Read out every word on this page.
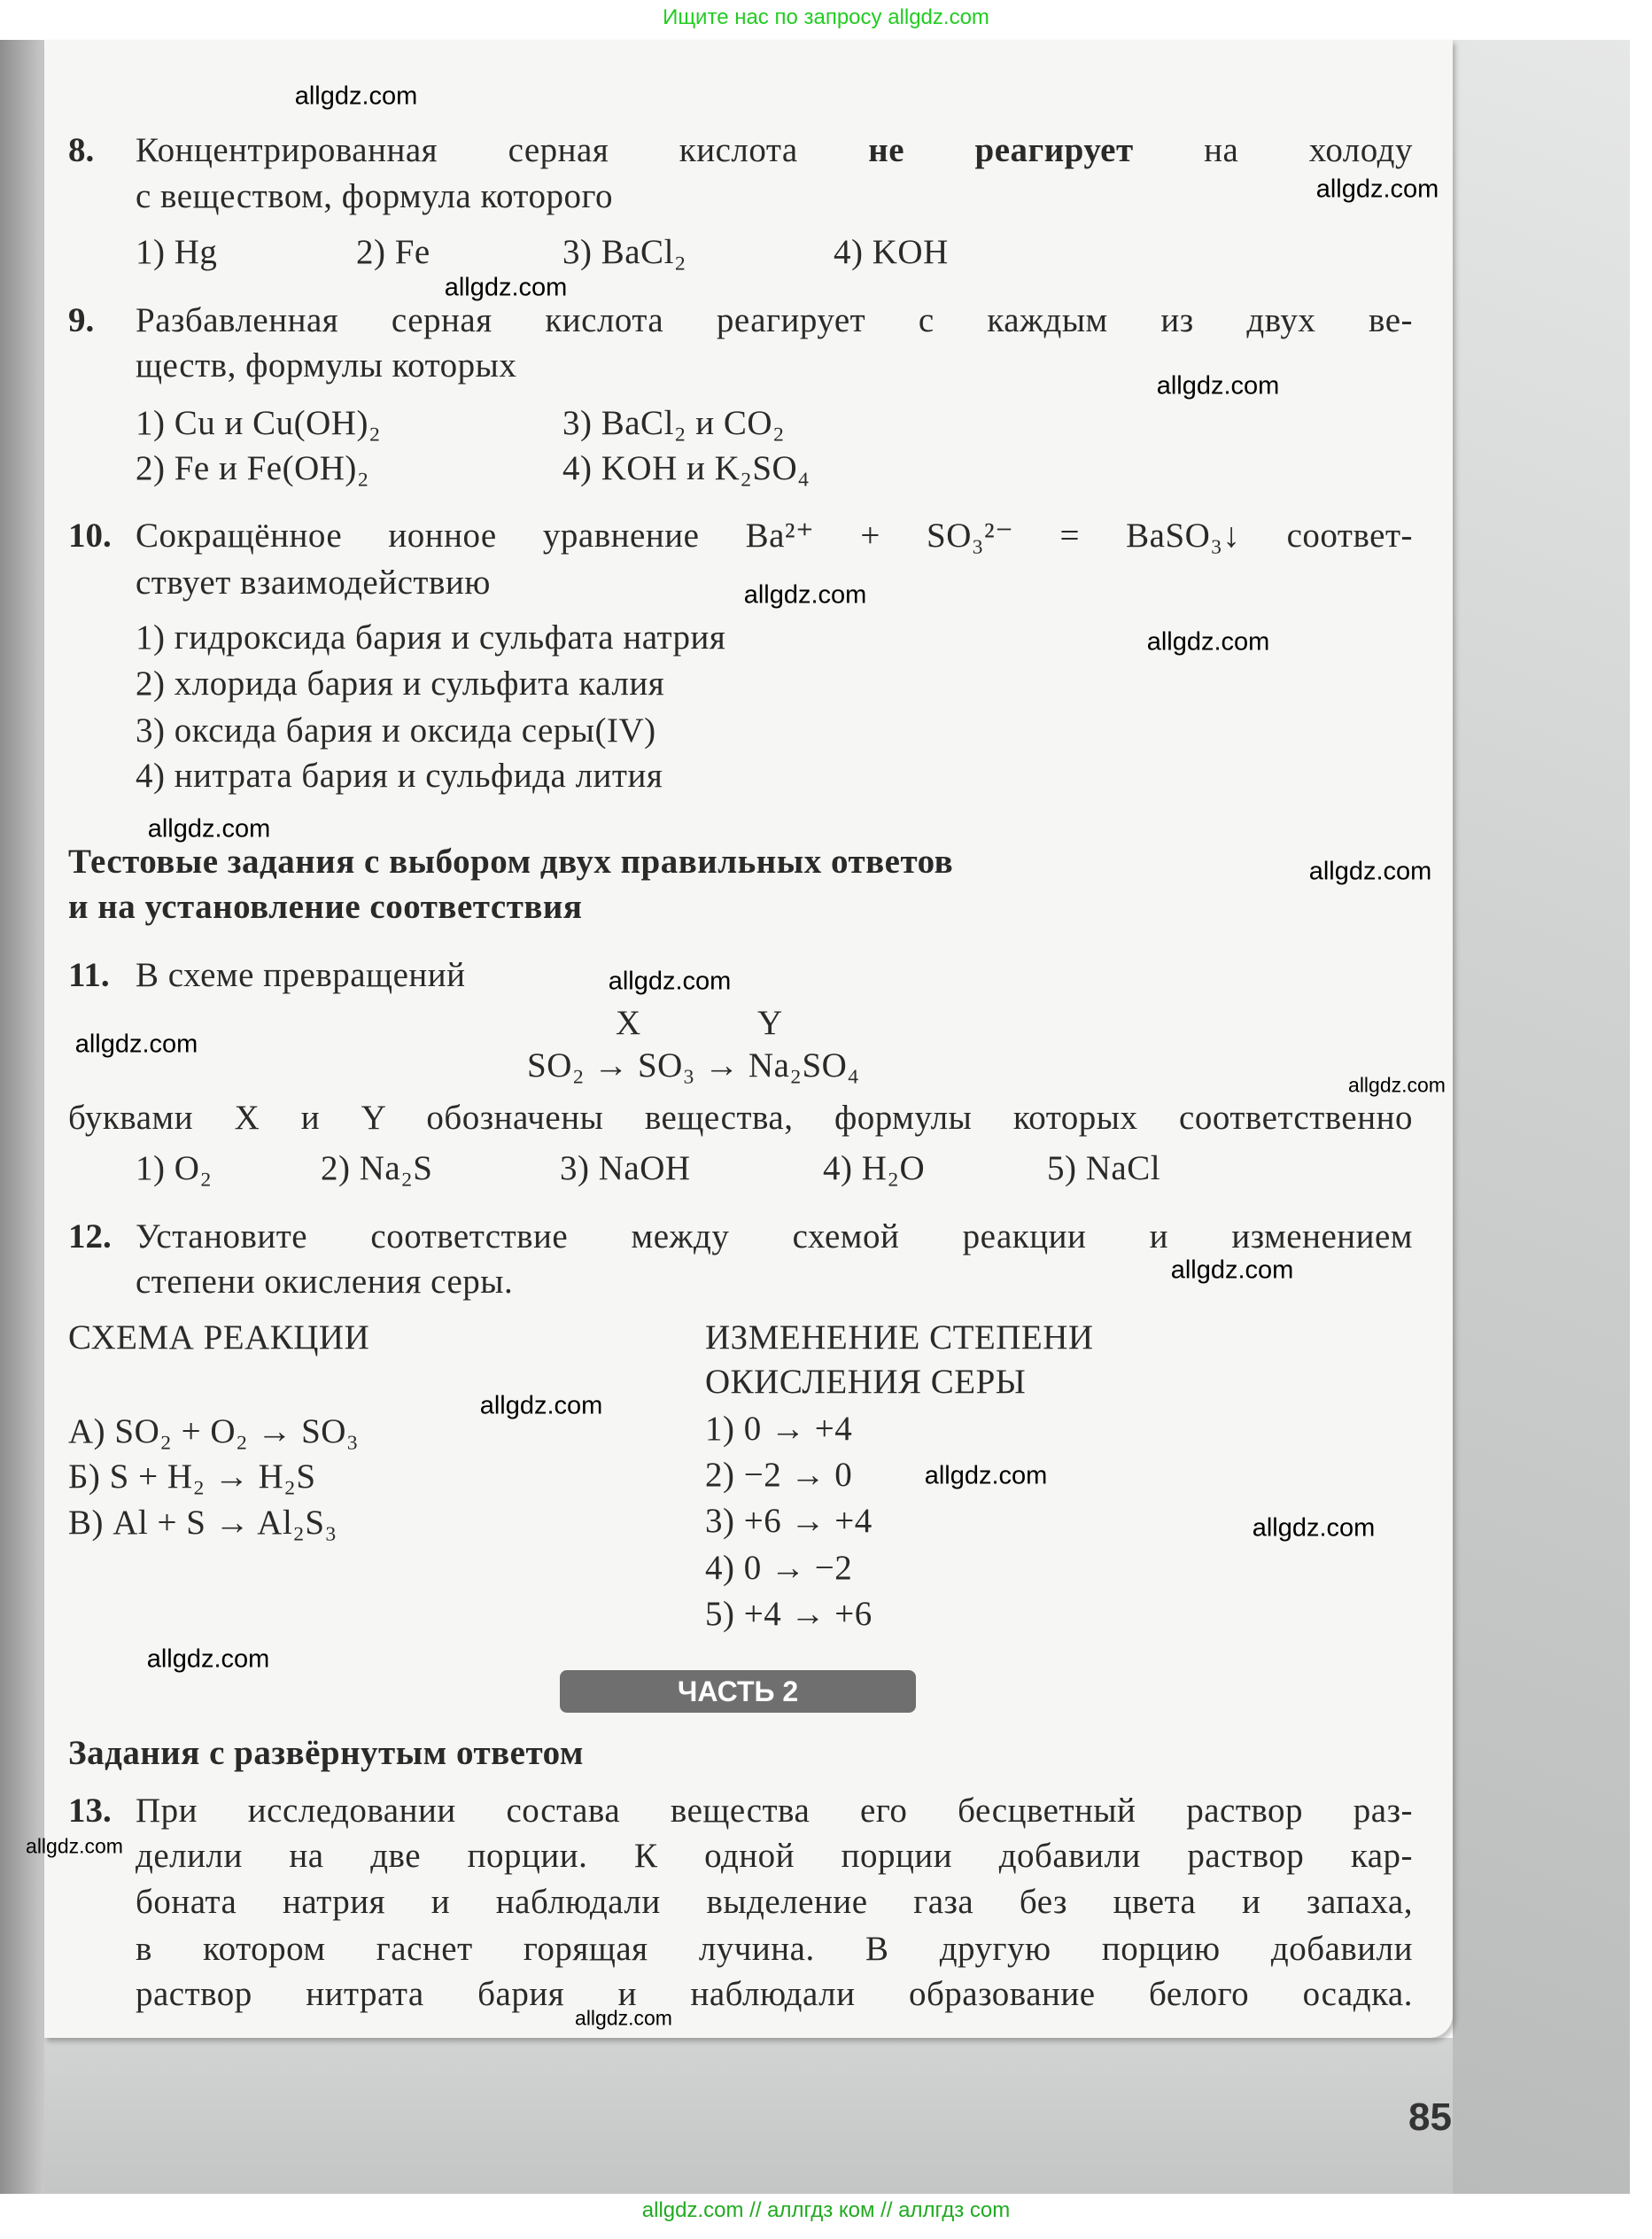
Ищите нас по запросу allgdz.com
8. Концентрированная серная кислота не реагирует на холоду
с веществом, формула которого
1) Hg	2) Fe	3) BaCl₂	4) KOH
9. Разбавленная серная кислота реагирует с каждым из двух ве-
ществ, формулы которых
1) Cu и Cu(OH)₂
2) Fe и Fe(OH)₂
3) BaCl₂ и CO₂
4) KOH и K₂SO₄
10. Сокращённое ионное уравнение Ba²⁺ + SO₃²⁻ = BaSO₃↓ соответ-
ствует взаимодействию
1) гидроксида бария и сульфата натрия
2) хлорида бария и сульфита калия
3) оксида бария и оксида серы(IV)
4) нитрата бария и сульфида лития
Тестовые задания с выбором двух правильных ответов
и на установление соответствия
11. В схеме превращений
X	Y
SO₂ → SO₃ → Na₂SO₄
буквами X и Y обозначены вещества, формулы которых соответственно
1) O₂	2) Na₂S	3) NaOH	4) H₂O	5) NaCl
12. Установите соответствие между схемой реакции и изменением
степени окисления серы.
СХЕМА РЕАКЦИИ	ИЗМЕНЕНИЕ СТЕПЕНИ
ОКИСЛЕНИЯ СЕРЫ
А) SO₂ + O₂ → SO₃
Б) S + H₂ → H₂S
В) Al + S → Al₂S₃
1) 0 → +4
2) −2 → 0
3) +6 → +4
4) 0 → −2
5) +4 → +6
ЧАСТЬ 2
Задания с развёрнутым ответом
13. При исследовании состава вещества его бесцветный раствор раз-
делили на две порции. К одной порции добавили раствор кар-
боната натрия и наблюдали выделение газа без цвета и запаха,
в котором гаснет горящая лучина. В другую порцию добавили
раствор нитрата бария и наблюдали образование белого осадка.
85
allgdz.com
allgdz.com
allgdz.com
allgdz.com
allgdz.com
allgdz.com
allgdz.com
allgdz.com
allgdz.com
allgdz.com
allgdz.com
allgdz.com
allgdz.com
allgdz.com
allgdz.com
allgdz.com
allgdz.com
allgdz.com
allgdz.com // аллгдз ком // аллгдз com
